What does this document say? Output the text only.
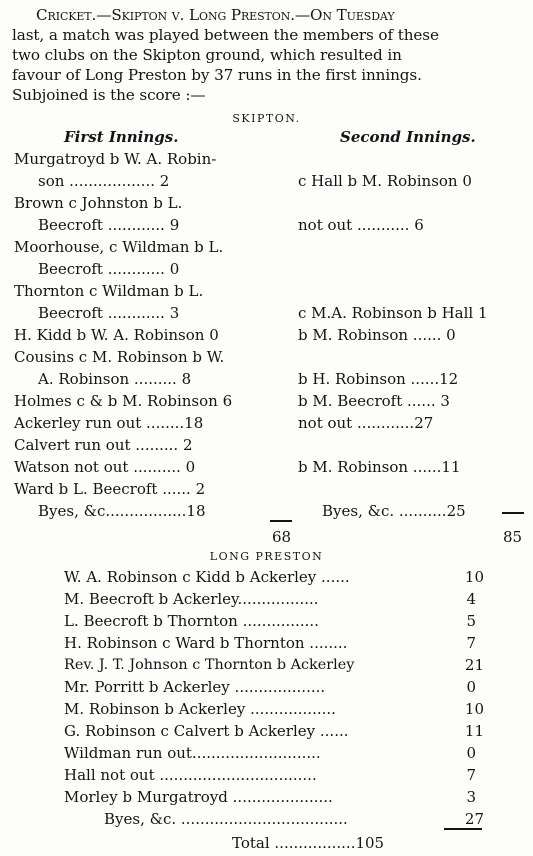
Cricket.—Skipton v. Long Preston.—On Tuesday
last, a match was played between the members of these
two clubs on the Skipton ground, which resulted in
favour of Long Preston by 37 runs in the first innings.
Subjoined is the score :—
SKIPTON.
First Innings.	Second Innings.
Murgatroyd b W. A. Robin-
son .................. 2	c Hall b M. Robinson 0
Brown c Johnston b L.
Beecroft ............ 9	not out ........... 6
Moorhouse, c Wildman b L.
Beecroft ............ 0
Thornton c Wildman b L.
Beecroft ............ 3	c M.A. Robinson b Hall 1
H. Kidd b W. A. Robinson 0	b M. Robinson ...... 0
Cousins c M. Robinson b W.
A. Robinson ......... 8	b H. Robinson ......12
Holmes c & b M. Robinson 6	b M. Beecroft ...... 3
Ackerley run out ........18	not out ............27
Calvert run out ......... 2
Watson not out .......... 0	b M. Robinson ......11
Ward b L. Beecroft ...... 2
Byes, &c.................18	Byes, &c. ..........25
68	85
LONG PRESTON
W. A. Robinson c Kidd b Ackerley ......	10
M. Beecroft b Ackerley.................	4
L. Beecroft b Thornton ................	5
H. Robinson c Ward b Thornton ........	7
Rev. J. T. Johnson c Thornton b Ackerley	21
Mr. Porritt b Ackerley ...................	0
M. Robinson b Ackerley ..................	10
G. Robinson c Calvert b Ackerley ......	11
Wildman run out...........................	0
Hall not out .................................	7
Morley b Murgatroyd .....................	3
Byes, &c. ...................................	27
Total .................105
